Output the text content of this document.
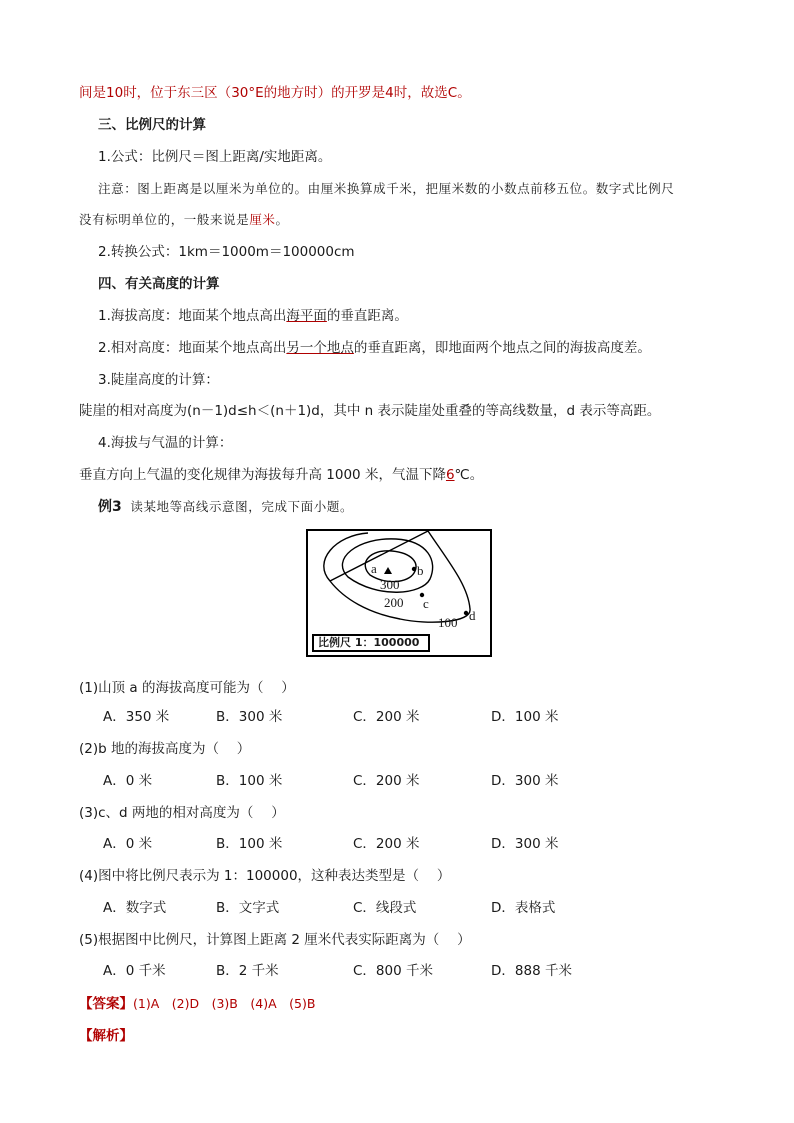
间是10时，位于东三区（30°E的地方时）的开罗是4时，故选C。
三、比例尺的计算
1.公式：比例尺＝图上距离/实地距离。
注意：图上距离是以厘米为单位的。由厘米换算成千米，把厘米数的小数点前移五位。数字式比例尺
没有标明单位的，一般来说是厘米。
2.转换公式：1km＝1000m＝100000cm
四、有关高度的计算
1.海拔高度：地面某个地点高出海平面的垂直距离。
2.相对高度：地面某个地点高出另一个地点的垂直距离，即地面两个地点之间的海拔高度差。
3.陡崖高度的计算：
陡崖的相对高度为(n－1)d≤h＜(n＋1)d，其中 n 表示陡崖处重叠的等高线数量，d 表示等高距。
4.海拔与气温的计算：
垂直方向上气温的变化规律为海拔每升高 1000 米，气温下降6℃。
例3 读某地等高线示意图，完成下面小题。
a	b
300
200 c
100 d
比例尺 1：100000
(1)山顶 a 的海拔高度可能为（　 ）
A．350 米	B．300 米	C．200 米	D．100 米
(2)b 地的海拔高度为（　 ）
A．0 米	B．100 米	C．200 米	D．300 米
(3)c、d 两地的相对高度为（　 ）
A．0 米	B．100 米	C．200 米	D．300 米
(4)图中将比例尺表示为 1：100000，这种表达类型是（　 ）
A．数字式	B．文字式	C．线段式	D．表格式
(5)根据图中比例尺，计算图上距离 2 厘米代表实际距离为（　 ）
A．0 千米	B．2 千米	C．800 千米	D．888 千米
【答案】(1)A　(2)D　(3)B　(4)A　(5)B
【解析】
